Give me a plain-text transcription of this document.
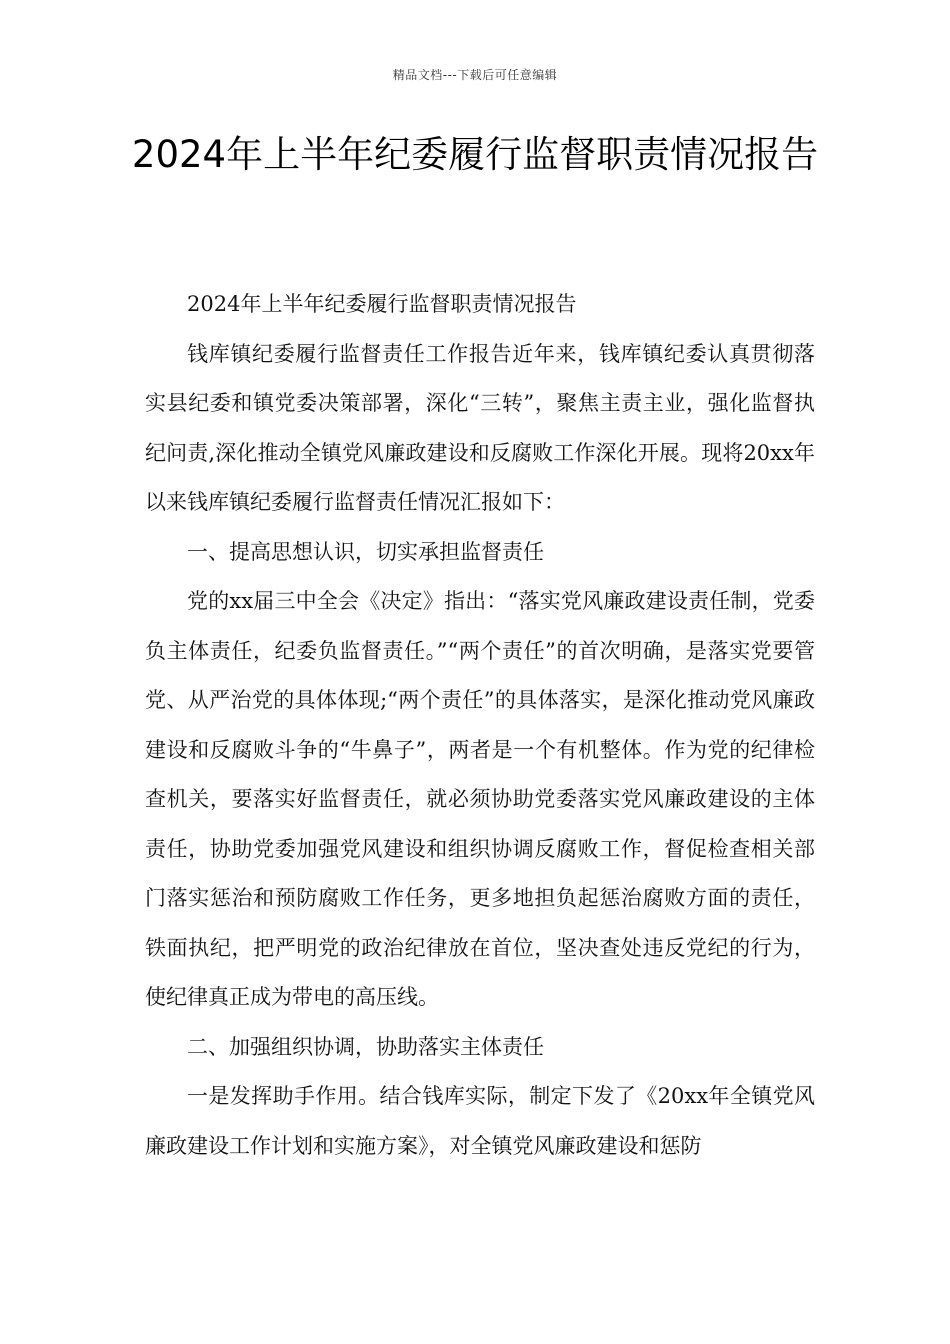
精品文档---下载后可任意编辑
2024年上半年纪委履行监督职责情况报告

2024年上半年纪委履行监督职责情况报告

钱库镇纪委履行监督责任工作报告近年来，钱库镇纪委认真贯彻落实县纪委和镇党委决策部署，深化“三转”，聚焦主责主业，强化监督执纪问责,深化推动全镇党风廉政建设和反腐败工作深化开展。现将20xx年以来钱库镇纪委履行监督责任情况汇报如下：

一、提高思想认识，切实承担监督责任

党的xx届三中全会《决定》指出：“落实党风廉政建设责任制，党委负主体责任，纪委负监督责任。”“两个责任”的首次明确，是落实党要管党、从严治党的具体体现;“两个责任”的具体落实，是深化推动党风廉政建设和反腐败斗争的“牛鼻子”，两者是一个有机整体。作为党的纪律检查机关，要落实好监督责任，就必须协助党委落实党风廉政建设的主体责任，协助党委加强党风建设和组织协调反腐败工作，督促检查相关部门落实惩治和预防腐败工作任务，更多地担负起惩治腐败方面的责任，铁面执纪，把严明党的政治纪律放在首位，坚决查处违反党纪的行为，使纪律真正成为带电的高压线。

二、加强组织协调，协助落实主体责任

一是发挥助手作用。结合钱库实际，制定下发了《20xx年全镇党风廉政建设工作计划和实施方案》，对全镇党风廉政建设和惩防
